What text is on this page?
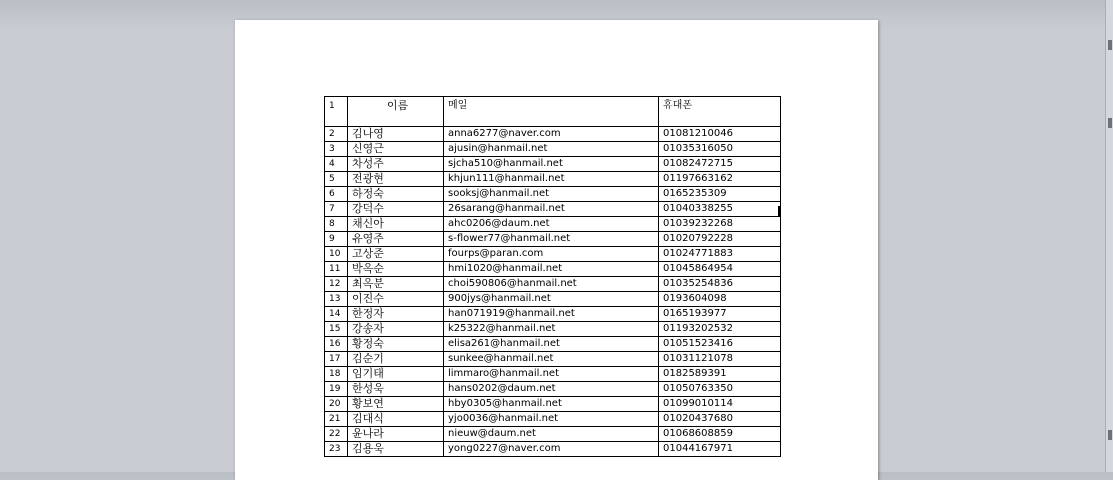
1	이름	메일	휴대폰
2	김나영	anna6277@naver.com	01081210046
3	신영근	ajusin@hanmail.net	01035316050
4	차성주	sjcha510@hanmail.net	01082472715
5	전광현	khjun111@hanmail.net	01197663162
6	하정숙	sooksj@hanmail.net	0165235309
7	강덕수	26sarang@hanmail.net	01040338255
8	채신아	ahc0206@daum.net	01039232268
9	유영주	s-flower77@hanmail.net	01020792228
10	고상준	fourps@paran.com	01024771883
11	박옥순	hmi1020@hanmail.net	01045864954
12	최옥분	choi590806@hanmail.net	01035254836
13	이진수	900jys@hanmail.net	0193604098
14	한정자	han071919@hanmail.net	0165193977
15	강송자	k25322@hanmail.net	01193202532
16	황정숙	elisa261@hanmail.net	01051523416
17	김순기	sunkee@hanmail.net	01031121078
18	임기태	limmaro@hanmail.net	0182589391
19	한성욱	hans0202@daum.net	01050763350
20	황보연	hby0305@hanmail.net	01099010114
21	김대식	yjo0036@hanmail.net	01020437680
22	윤나라	nieuw@daum.net	01068608859
23	김용욱	yong0227@naver.com	01044167971
